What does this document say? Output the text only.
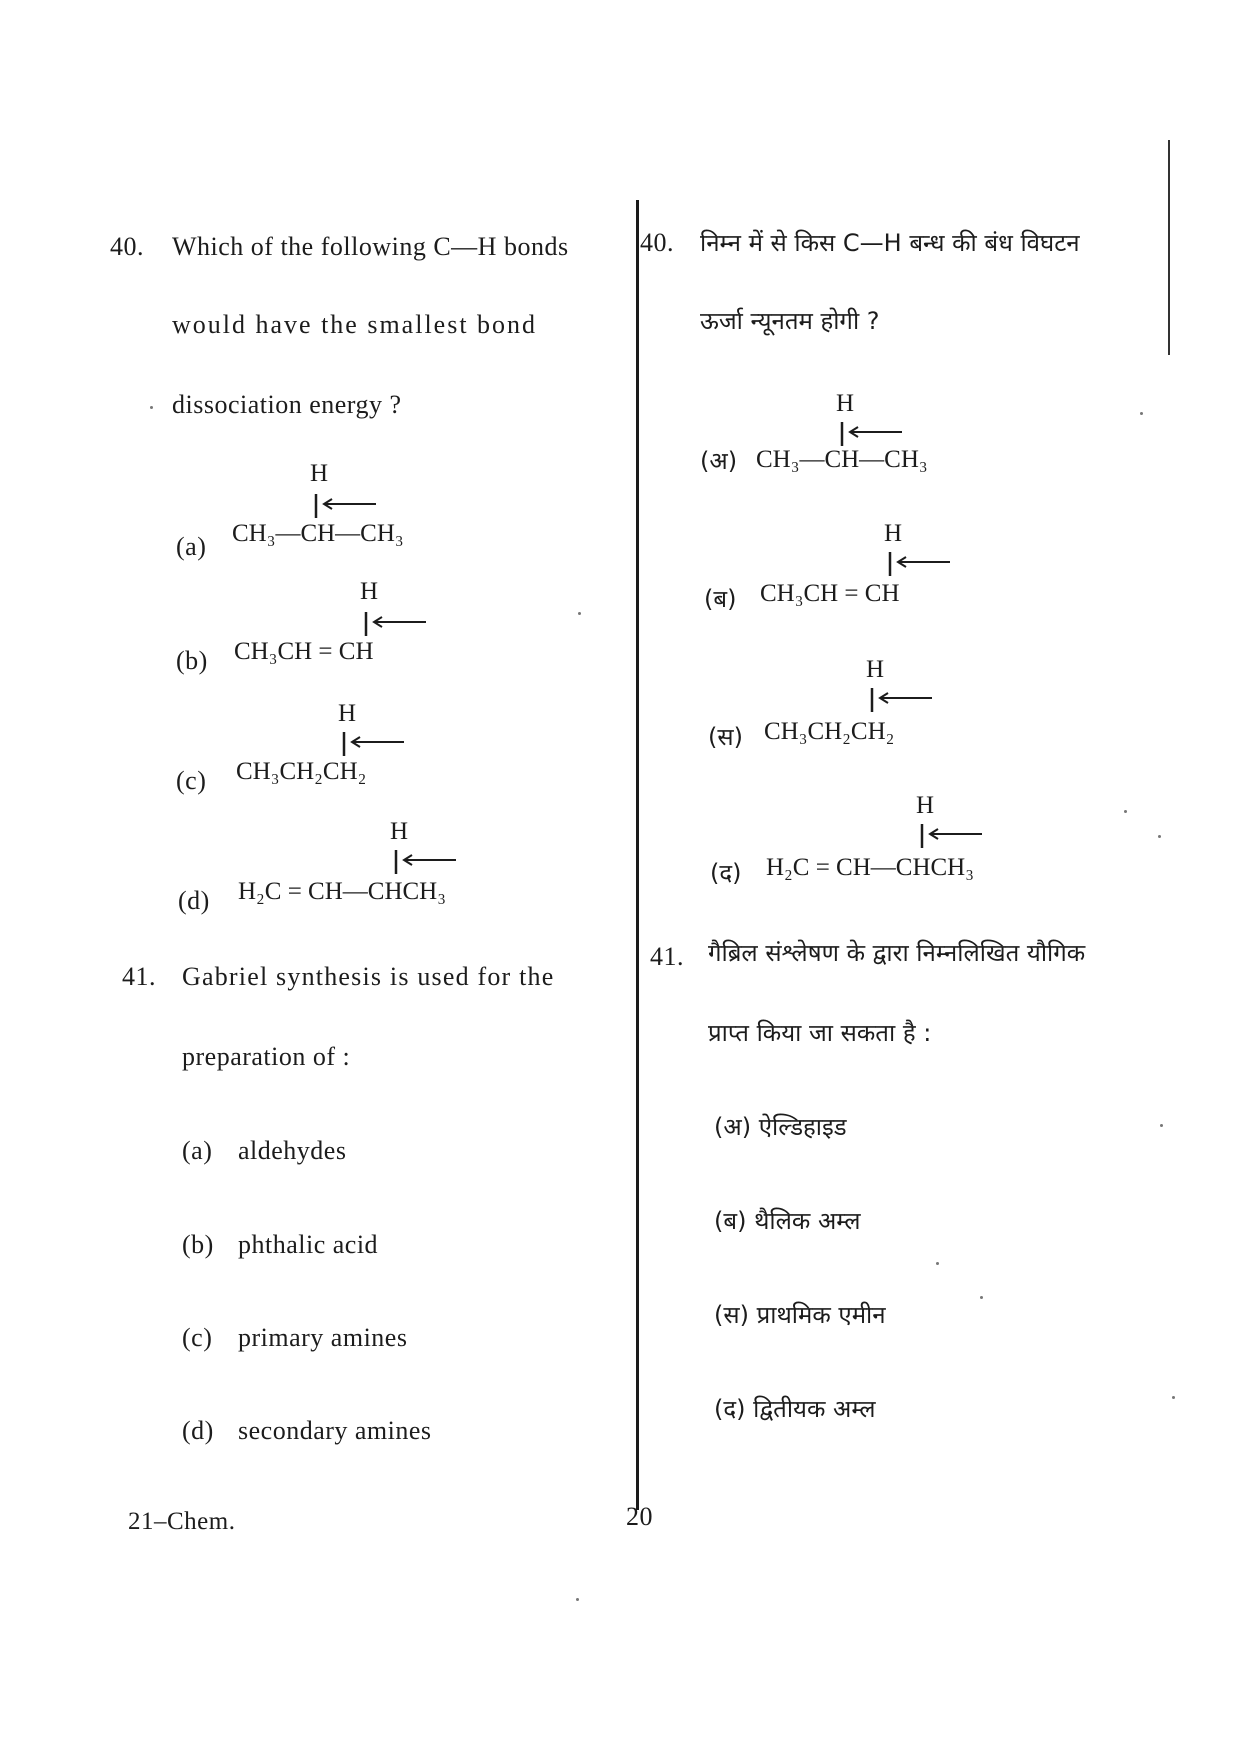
40. Which of the following C—H bonds
would have the smallest bond
dissociation energy ?
H
(a) CH₃—CH—CH₃
H
(b) CH₃CH = CH
H
(c) CH₃CH₂CH₂
H
(d) H₂C = CH—CHCH₃
41. Gabriel synthesis is used for the
preparation of :
(a) aldehydes
(b) phthalic acid
(c) primary amines
(d) secondary amines
40. निम्न में से किस C—H बन्ध की बंध विघटन
ऊर्जा न्यूनतम होगी ?
H
(अ) CH₃—CH—CH₃
H
(ब) CH₃CH = CH
H
(स) CH₃CH₂CH₂
H
(द) H₂C = CH—CHCH₃
41. गैब्रिल संश्लेषण के द्वारा निम्नलिखित यौगिक
प्राप्त किया जा सकता है :
(अ) ऐल्डिहाइड
(ब) थैलिक अम्ल
(स) प्राथमिक एमीन
(द) द्वितीयक अम्ल
21–Chem.	20
